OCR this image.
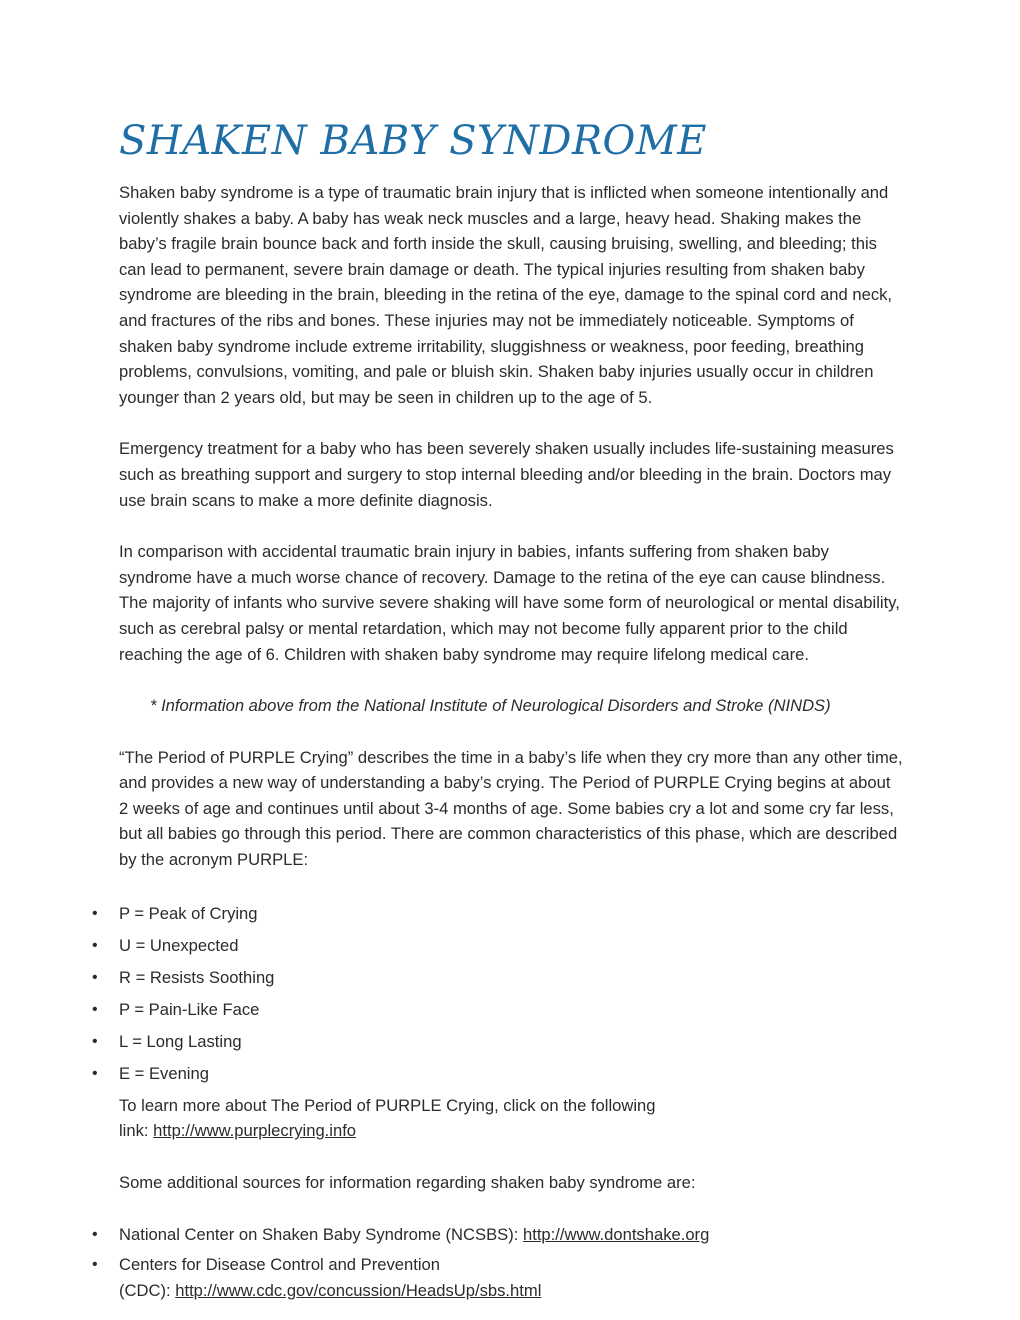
SHAKEN BABY SYNDROME

Shaken baby syndrome is a type of traumatic brain injury that is inflicted when someone intentionally and violently shakes a baby. A baby has weak neck muscles and a large, heavy head. Shaking makes the baby’s fragile brain bounce back and forth inside the skull, causing bruising, swelling, and bleeding; this can lead to permanent, severe brain damage or death. The typical injuries resulting from shaken baby syndrome are bleeding in the brain, bleeding in the retina of the eye, damage to the spinal cord and neck, and fractures of the ribs and bones. These injuries may not be immediately noticeable. Symptoms of shaken baby syndrome include extreme irritability, sluggishness or weakness, poor feeding, breathing problems, convulsions, vomiting, and pale or bluish skin. Shaken baby injuries usually occur in children younger than 2 years old, but may be seen in children up to the age of 5.

Emergency treatment for a baby who has been severely shaken usually includes life-sustaining measures such as breathing support and surgery to stop internal bleeding and/or bleeding in the brain. Doctors may use brain scans to make a more definite diagnosis.

In comparison with accidental traumatic brain injury in babies, infants suffering from shaken baby syndrome have a much worse chance of recovery. Damage to the retina of the eye can cause blindness. The majority of infants who survive severe shaking will have some form of neurological or mental disability, such as cerebral palsy or mental retardation, which may not become fully apparent prior to the child reaching the age of 6. Children with shaken baby syndrome may require lifelong medical care.

* Information above from the National Institute of Neurological Disorders and Stroke (NINDS)

“The Period of PURPLE Crying” describes the time in a baby’s life when they cry more than any other time, and provides a new way of understanding a baby’s crying. The Period of PURPLE Crying begins at about 2 weeks of age and continues until about 3-4 months of age. Some babies cry a lot and some cry far less, but all babies go through this period. There are common characteristics of this phase, which are described by the acronym PURPLE:

•	P = Peak of Crying
•	U = Unexpected
•	R = Resists Soothing
•	P = Pain-Like Face
•	L = Long Lasting
•	E = Evening

To learn more about The Period of PURPLE Crying, click on the following
link: http://www.purplecrying.info

Some additional sources for information regarding shaken baby syndrome are:

•	National Center on Shaken Baby Syndrome (NCSBS): http://www.dontshake.org
•	Centers for Disease Control and Prevention
(CDC): http://www.cdc.gov/concussion/HeadsUp/sbs.html
